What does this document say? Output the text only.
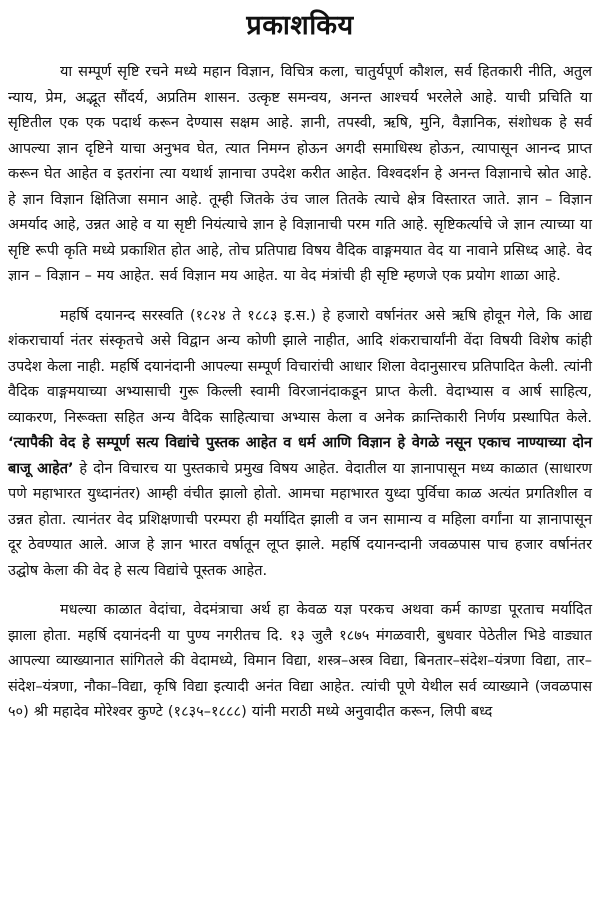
प्रकाशकिय

या सम्पूर्ण सृष्टि रचने मध्ये महान विज्ञान, विचित्र कला, चातुर्यपूर्ण कौशल, सर्व हितकारी नीति, अतुल न्याय, प्रेम, अद्भूत सौंदर्य, अप्रतिम शासन. उत्कृष्ट समन्वय, अनन्त आश्चर्य भरलेले आहे. याची प्रचिति या सृष्टितील एक एक पदार्थ करून देण्यास सक्षम आहे. ज्ञानी, तपस्वी, ऋषि, मुनि, वैज्ञानिक, संशोधक हे सर्व आपल्या ज्ञान दृष्टिने याचा अनुभव घेत, त्यात निमग्न होऊन अगदी समाधिस्थ होऊन, त्यापासून आनन्द प्राप्त करून घेत आहेत व इतरांना त्या यथार्थ ज्ञानाचा उपदेश करीत आहेत. विश्वदर्शन हे अनन्त विज्ञानाचे स्रोत आहे. हे ज्ञान विज्ञान क्षितिजा समान आहे. तूम्ही जितके उंच जाल तितके त्याचे क्षेत्र विस्तारत जाते. ज्ञान – विज्ञान अमर्याद आहे, उन्नत आहे व या सृष्टी नियंत्याचे ज्ञान हे विज्ञानाची परम गति आहे. सृष्टिकर्त्याचे जे ज्ञान त्याच्या या सृष्टि रूपी कृति मध्ये प्रकाशित होत आहे, तोच प्रतिपाद्य विषय वैदिक वाङ्गमयात वेद या नावाने प्रसिध्द आहे. वेद ज्ञान – विज्ञान – मय आहेत. सर्व विज्ञान मय आहेत. या वेद मंत्रांची ही सृष्टि म्हणजे एक प्रयोग शाळा आहे.

महर्षि दयानन्द सरस्वति (१८२४ ते १८८३ इ.स.) हे हजारो वर्षानंतर असे ऋषि होवून गेले, कि आद्य शंकराचार्या नंतर संस्कृतचे असे विद्वान अन्य कोणी झाले नाहीत, आदि शंकराचार्यांनी वेंदा विषयी विशेष कांही उपदेश केला नाही. महर्षि दयानंदानी आपल्या सम्पूर्ण विचारांची आधार शिला वेदानुसारच प्रतिपादित केली. त्यांनी वैदिक वाङ्गमयाच्या अभ्यासाची गुरू किल्ली स्वामी विरजानंदाकडून प्राप्त केली. वेदाभ्यास व आर्ष साहित्य, व्याकरण, निरूक्ता सहित अन्य वैदिक साहित्याचा अभ्यास केला व अनेक क्रान्तिकारी निर्णय प्रस्थापित केले. ‘त्यापैकी वेद हे सम्पूर्ण सत्य विद्यांचे पुस्तक आहेत व धर्म आणि विज्ञान हे वेगळे नसून एकाच नाण्याच्या दोन बाजू आहेत’ हे दोन विचारच या पुस्तकाचे प्रमुख विषय आहेत. वेदातील या ज्ञानापासून मध्य काळात (साधारण पणे महाभारत युध्दानंतर) आम्ही वंचीत झालो होतो. आमचा महाभारत युध्दा पुर्विचा काळ अत्यंत प्रगतिशील व उन्नत होता. त्यानंतर वेद प्रशिक्षणाची परम्परा ही मर्यादित झाली व जन सामान्य व महिला वर्गांना या ज्ञानापासून दूर ठेवण्यात आले. आज हे ज्ञान भारत वर्षातून लूप्त झाले. महर्षि दयानन्दानी जवळपास पाच हजार वर्षानंतर उद्घोष केला की वेद हे सत्य विद्यांचे पूस्तक आहेत.

मधल्या काळात वेदांचा, वेदमंत्राचा अर्थ हा केवळ यज्ञ परकच अथवा कर्म काण्डा पूरताच मर्यादित झाला होता. महर्षि दयानंदनी या पुण्य नगरीतच दि. १३ जुलै १८७५ मंगळवारी, बुधवार पेठेतील भिडे वाड्यात आपल्या व्याख्यानात सांगितले की वेदामध्ये, विमान विद्या, शस्त्र–अस्त्र विद्या, बिनतार–संदेश–यंत्रणा विद्या, तार–संदेश–यंत्रणा, नौका–विद्या, कृषि विद्या इत्यादी अनंत विद्या आहेत. त्यांची पूणे येथील सर्व व्याख्याने (जवळपास ५०) श्री महादेव मोरेश्वर कुण्टे (१८३५–१८८८) यांनी मराठी मध्ये अनुवादीत करून, लिपी बध्द
